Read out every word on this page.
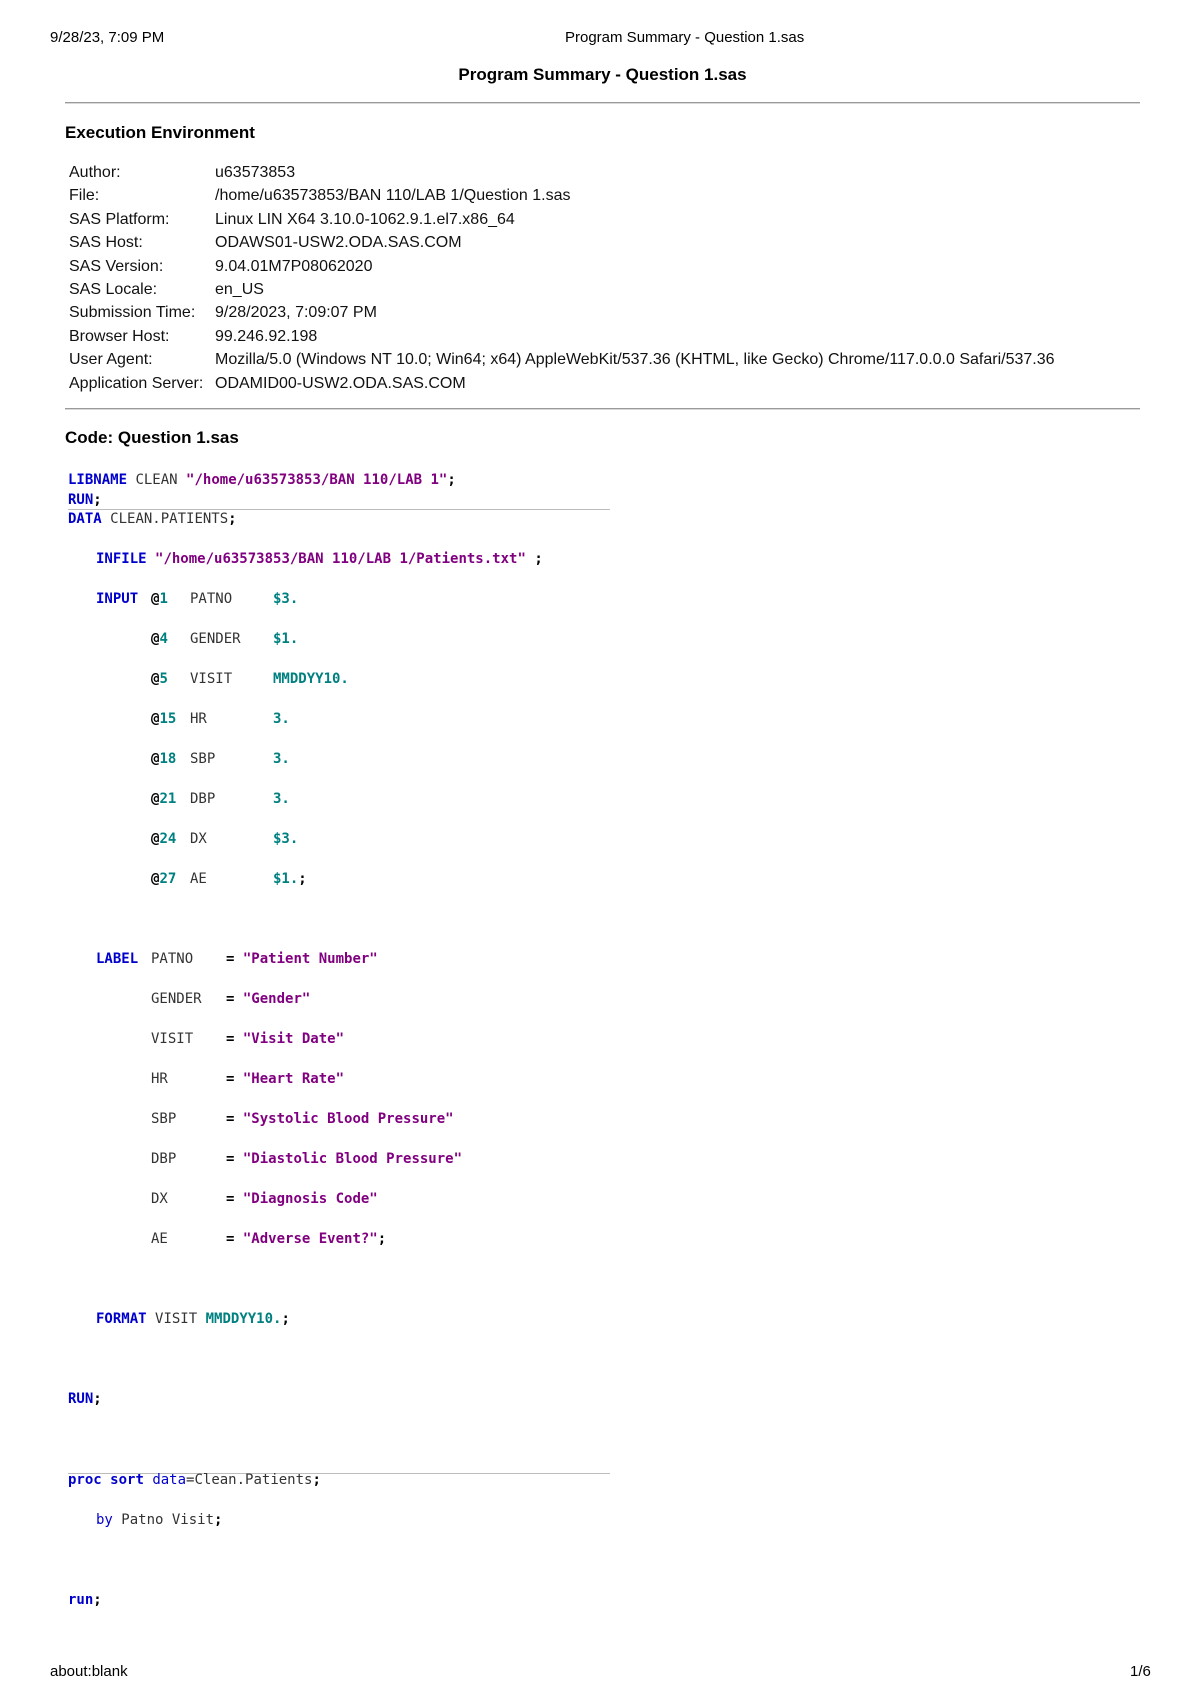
9/28/23, 7:09 PM	Program Summary - Question 1.sas
Program Summary - Question 1.sas
Execution Environment
Author:	u63573853
File:	/home/u63573853/BAN 110/LAB 1/Question 1.sas
SAS Platform:	Linux LIN X64 3.10.0-1062.9.1.el7.x86_64
SAS Host:	ODAWS01-USW2.ODA.SAS.COM
SAS Version:	9.04.01M7P08062020
SAS Locale:	en_US
Submission Time:	9/28/2023, 7:09:07 PM
Browser Host:	99.246.92.198
User Agent:	Mozilla/5.0 (Windows NT 10.0; Win64; x64) AppleWebKit/537.36 (KHTML, like Gecko) Chrome/117.0.0.0 Safari/537.36
Application Server:	ODAMID00-USW2.ODA.SAS.COM
Code: Question 1.sas
LIBNAME CLEAN "/home/u63573853/BAN 110/LAB 1";
RUN;
DATA CLEAN.PATIENTS;
INFILE "/home/u63573853/BAN 110/LAB 1/Patients.txt" ;
INPUT @1 PATNO	$3.
@4 GENDER $1.
@5 VISIT	MMDDYY10.
@15 HR	3.
@18 SBP	3.
@21 DBP	3.
@24 DX	$3.
@27 AE	$1.;
LABEL PATNO = "Patient Number"
GENDER = "Gender"
VISIT = "Visit Date"
HR	= "Heart Rate"
SBP	= "Systolic Blood Pressure"
DBP	= "Diastolic Blood Pressure"
DX	= "Diagnosis Code"
AE	= "Adverse Event?";
FORMAT VISIT MMDDYY10.;
RUN;
proc sort data=Clean.Patients;
by Patno Visit;
run;
about:blank	1/6
